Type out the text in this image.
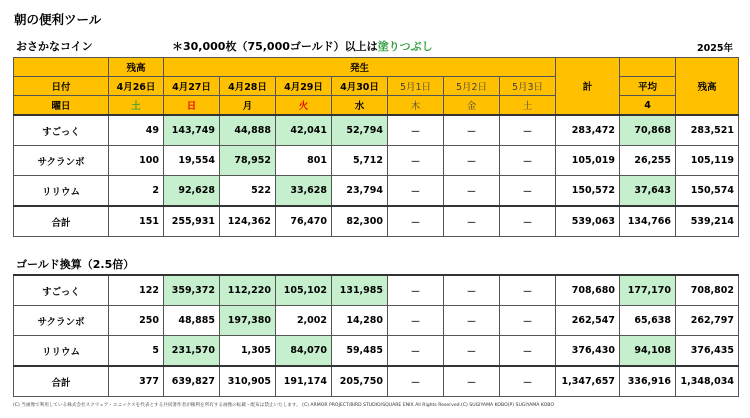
朝の便利ツール
おさかなコイン	＊30,000枚（75,000ゴールド）以上は塗りつぶし	2025年
	残高	発生							計		残高
日付	4月26日	4月27日	4月28日	4月29日	4月30日	5月1日	5月2日	5月3日		平均	
曜日	土	日	月	火	水	木	金	土		4	
すごっく	49	143,749	44,888	42,041	52,794	－	－	－	283,472	70,868	283,521
サクランボ	100	19,554	78,952	801	5,712	－	－	－	105,019	26,255	105,119
リリウム	2	92,628	522	33,628	23,794	－	－	－	150,572	37,643	150,574
合計	151	255,931	124,362	76,470	82,300	－	－	－	539,063	134,766	539,214
ゴールド換算（2.5倍）
すごっく	122	359,372	112,220	105,102	131,985	－	－	－	708,680	177,170	708,802
サクランボ	250	48,885	197,380	2,002	14,280	－	－	－	262,547	65,638	262,797
リリウム	5	231,570	1,305	84,070	59,485	－	－	－	376,430	94,108	376,435
合計	377	639,827	310,905	191,174	205,750	－	－	－	1,347,657	336,916	1,348,034
(C) 当画像で利用している株式会社スクウェア・エニックスを代表とする共同著作者が権利を所有する画像の転載・配布は禁止いたします。 (C) ARMOR PROJECT/BIRD STUDIO/SQUARE ENIX All Rights Reserved.(C) SUGIYAMA KOBO(P) SUGIYAMA KOBO
